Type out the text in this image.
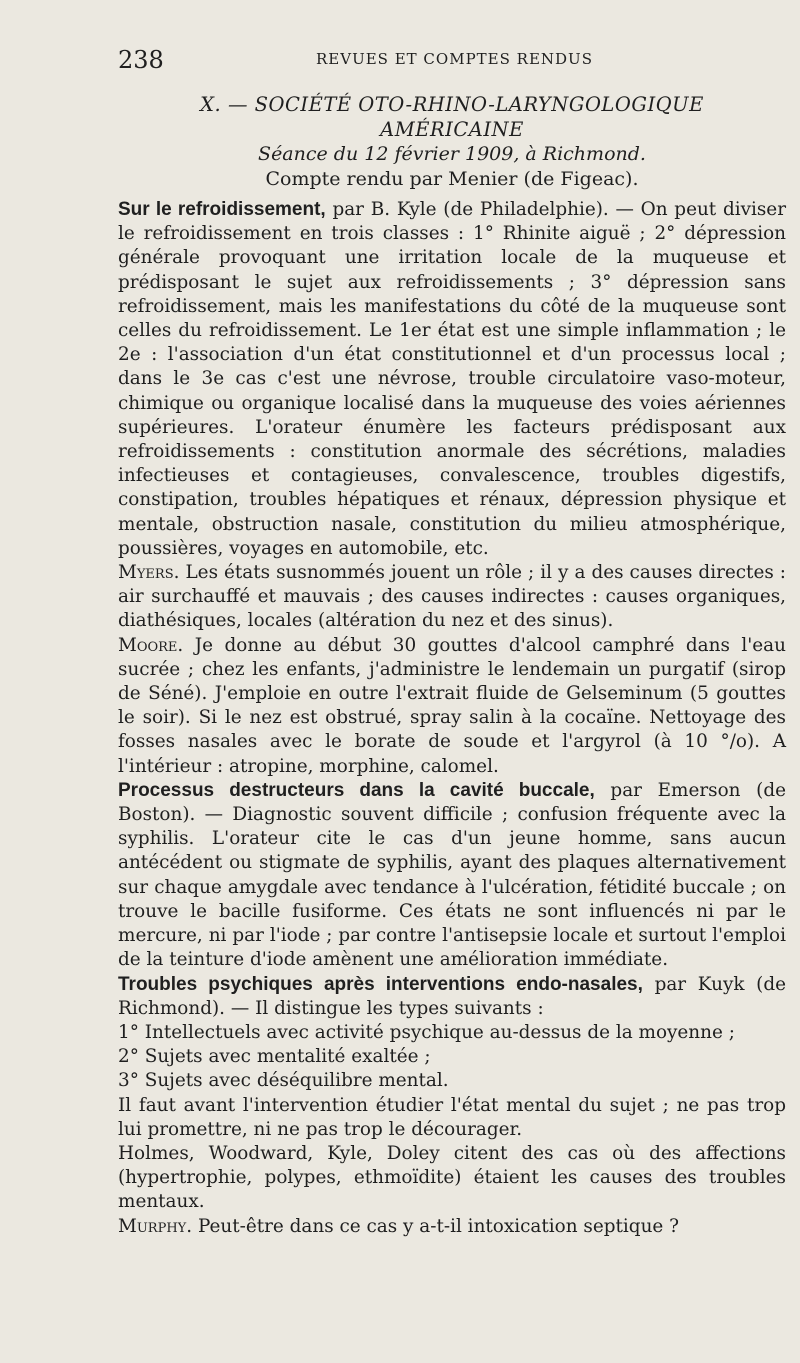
238	REVUES ET COMPTES RENDUS
X. — SOCIÉTÉ OTO-RHINO-LARYNGOLOGIQUE
AMÉRICAINE
Séance du 12 février 1909, à Richmond.
Compte rendu par Menier (de Figeac).

Sur le refroidissement, par B. Kyle (de Philadelphie). — On peut diviser le refroidissement en trois classes : 1° Rhinite aiguë ; 2° dépression générale provoquant une irritation locale de la muqueuse et prédisposant le sujet aux refroidissements ; 3° dépression sans refroidissement, mais les manifestations du côté de la muqueuse sont celles du refroidissement. Le 1er état est une simple inflammation ; le 2e : l'association d'un état constitutionnel et d'un processus local ; dans le 3e cas c'est une névrose, trouble circulatoire vaso-moteur, chimique ou organique localisé dans la muqueuse des voies aériennes supérieures. L'orateur énumère les facteurs prédisposant aux refroidissements : constitution anormale des sécrétions, maladies infectieuses et contagieuses, convalescence, troubles digestifs, constipation, troubles hépatiques et rénaux, dépression physique et mentale, obstruction nasale, constitution du milieu atmosphérique, poussières, voyages en automobile, etc.

Myers. Les états susnommés jouent un rôle ; il y a des causes directes : air surchauffé et mauvais ; des causes indirectes : causes organiques, diathésiques, locales (altération du nez et des sinus).

Moore. Je donne au début 30 gouttes d'alcool camphré dans l'eau sucrée ; chez les enfants, j'administre le lendemain un purgatif (sirop de Séné). J'emploie en outre l'extrait fluide de Gelseminum (5 gouttes le soir). Si le nez est obstrué, spray salin à la cocaïne. Nettoyage des fosses nasales avec le borate de soude et l'argyrol (à 10 °/o). A l'intérieur : atropine, morphine, calomel.

Processus destructeurs dans la cavité buccale, par Emerson (de Boston). — Diagnostic souvent difficile ; confusion fréquente avec la syphilis. L'orateur cite le cas d'un jeune homme, sans aucun antécédent ou stigmate de syphilis, ayant des plaques alternativement sur chaque amygdale avec tendance à l'ulcération, fétidité buccale ; on trouve le bacille fusiforme. Ces états ne sont influencés ni par le mercure, ni par l'iode ; par contre l'antisepsie locale et surtout l'emploi de la teinture d'iode amènent une amélioration immédiate.

Troubles psychiques après interventions endo-nasales, par Kuyk (de Richmond). — Il distingue les types suivants :

1° Intellectuels avec activité psychique au-dessus de la moyenne ;

2° Sujets avec mentalité exaltée ;

3° Sujets avec déséquilibre mental.

Il faut avant l'intervention étudier l'état mental du sujet ; ne pas trop lui promettre, ni ne pas trop le décourager.

Holmes, Woodward, Kyle, Doley citent des cas où des affections (hypertrophie, polypes, ethmoïdite) étaient les causes des troubles mentaux.

Murphy. Peut-être dans ce cas y a-t-il intoxication septique ?
